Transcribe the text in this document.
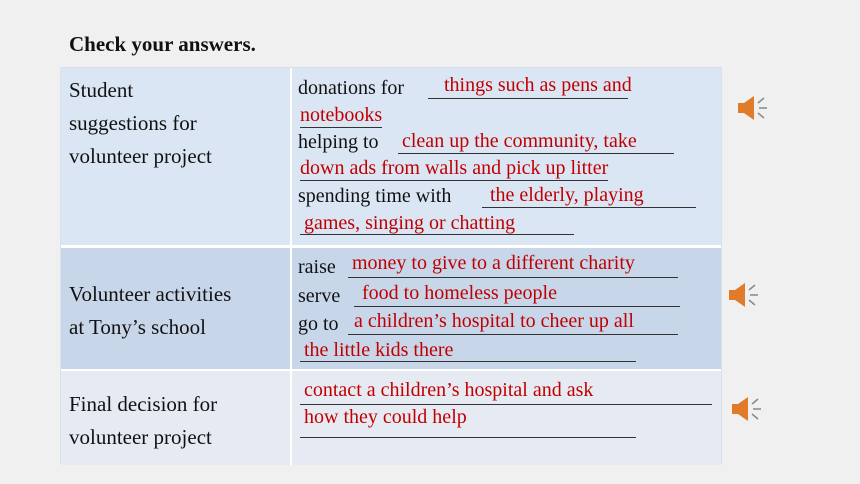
Check your answers.
Student
suggestions for
volunteer project
donations for things such as pens and
notebooks
helping to clean up the community, take
down ads from walls and pick up litter
spending time with the elderly, playing
games, singing or chatting
Volunteer activities
at Tony’s school
raise money to give to a different charity
serve food to homeless people
go to a children’s hospital to cheer up all
the little kids there
Final decision for
volunteer project
contact a children’s hospital and ask
how they could help
